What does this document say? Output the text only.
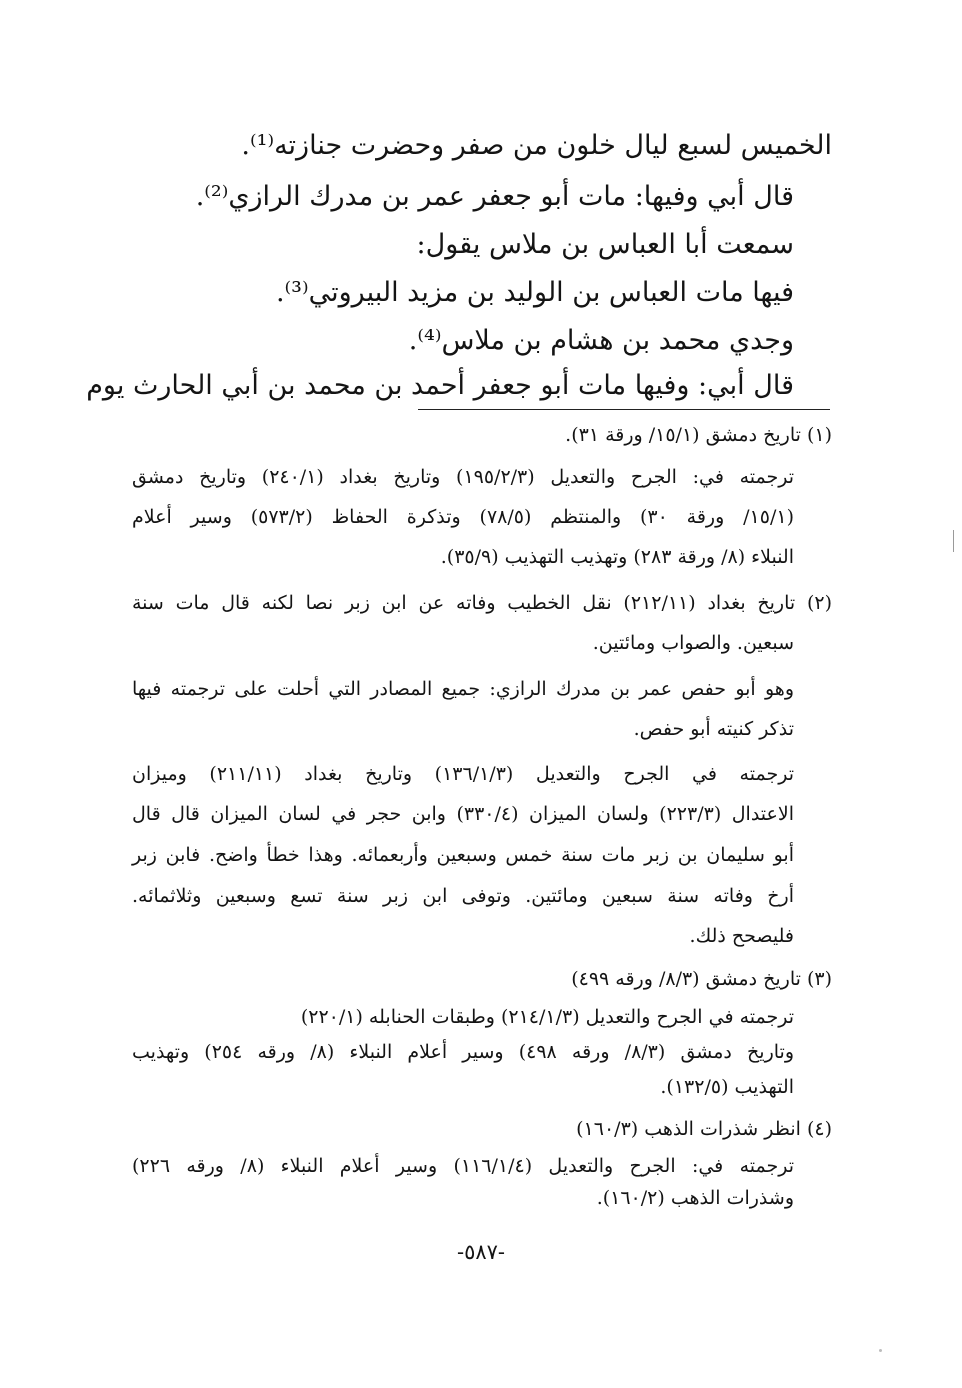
الخميس لسبع ليال خلون من صفر وحضرت جنازته⁽¹⁾.
قال أبي وفيها: مات أبو جعفر عمر بن مدرك الرازي⁽²⁾.
سمعت أبا العباس بن ملاس يقول:
فيها مات العباس بن الوليد بن مزيد البيروتي⁽³⁾.
وجدي محمد بن هشام بن ملاس⁽⁴⁾.
قال أبي: وفيها مات أبو جعفر أحمد بن محمد بن أبي الحارث يوم
(١) تاريخ دمشق (١٥/١/ ورقة ٣١).
ترجمته في: الجرح والتعديل (١٩٥/٢/٣) وتاريخ بغداد (٢٤٠/١) وتاريخ دمشق
(١٥/١/ ورقة ٣٠) والمنتظم (٧٨/٥) وتذكرة الحفاظ (٥٧٣/٢) وسير أعلام
النبلاء (٨/ ورقة ٢٨٣) وتهذيب التهذيب (٣٥/٩).
(٢) تاريخ بغداد (٢١٢/١١) نقل الخطيب وفاته عن ابن زبر نصا لكنه قال مات سنة
سبعين. والصواب ومائتين.
وهو أبو حفص عمر بن مدرك الرازي: جميع المصادر التي أحلت على ترجمته فيها
تذكر كنيته أبو حفص.
ترجمته في الجرح والتعديل (١٣٦/١/٣) وتاريخ بغداد (٢١١/١١) وميزان
الاعتدال (٢٢٣/٣) ولسان الميزان (٣٣٠/٤) وابن حجر في لسان الميزان قال قال
أبو سليمان بن زبر مات سنة خمس وسبعين وأربعمائه. وهذا خطأ واضح. فابن زبر
أرخ وفاته سنة سبعين ومائتين. وتوفى ابن زبر سنة تسع وسبعين وثلاثمائه.
فليصحح ذلك.
(٣) تاريخ دمشق (٨/٣/ ورقه ٤٩٩)
ترجمته في الجرح والتعديل (٢١٤/١/٣) وطبقات الحنابله (٢٢٠/١)
وتاريخ دمشق (٨/٣/ ورقه ٤٩٨) وسير أعلام النبلاء (٨/ ورقه ٢٥٤) وتهذيب
التهذيب (١٣٢/٥).
(٤) انظر شذرات الذهب (١٦٠/٣)
ترجمته في: الجرح والتعديل (١١٦/١/٤) وسير أعلام النبلاء (٨/ ورقه ٢٢٦)
وشذرات الذهب (١٦٠/٢).
-٥٨٧-
